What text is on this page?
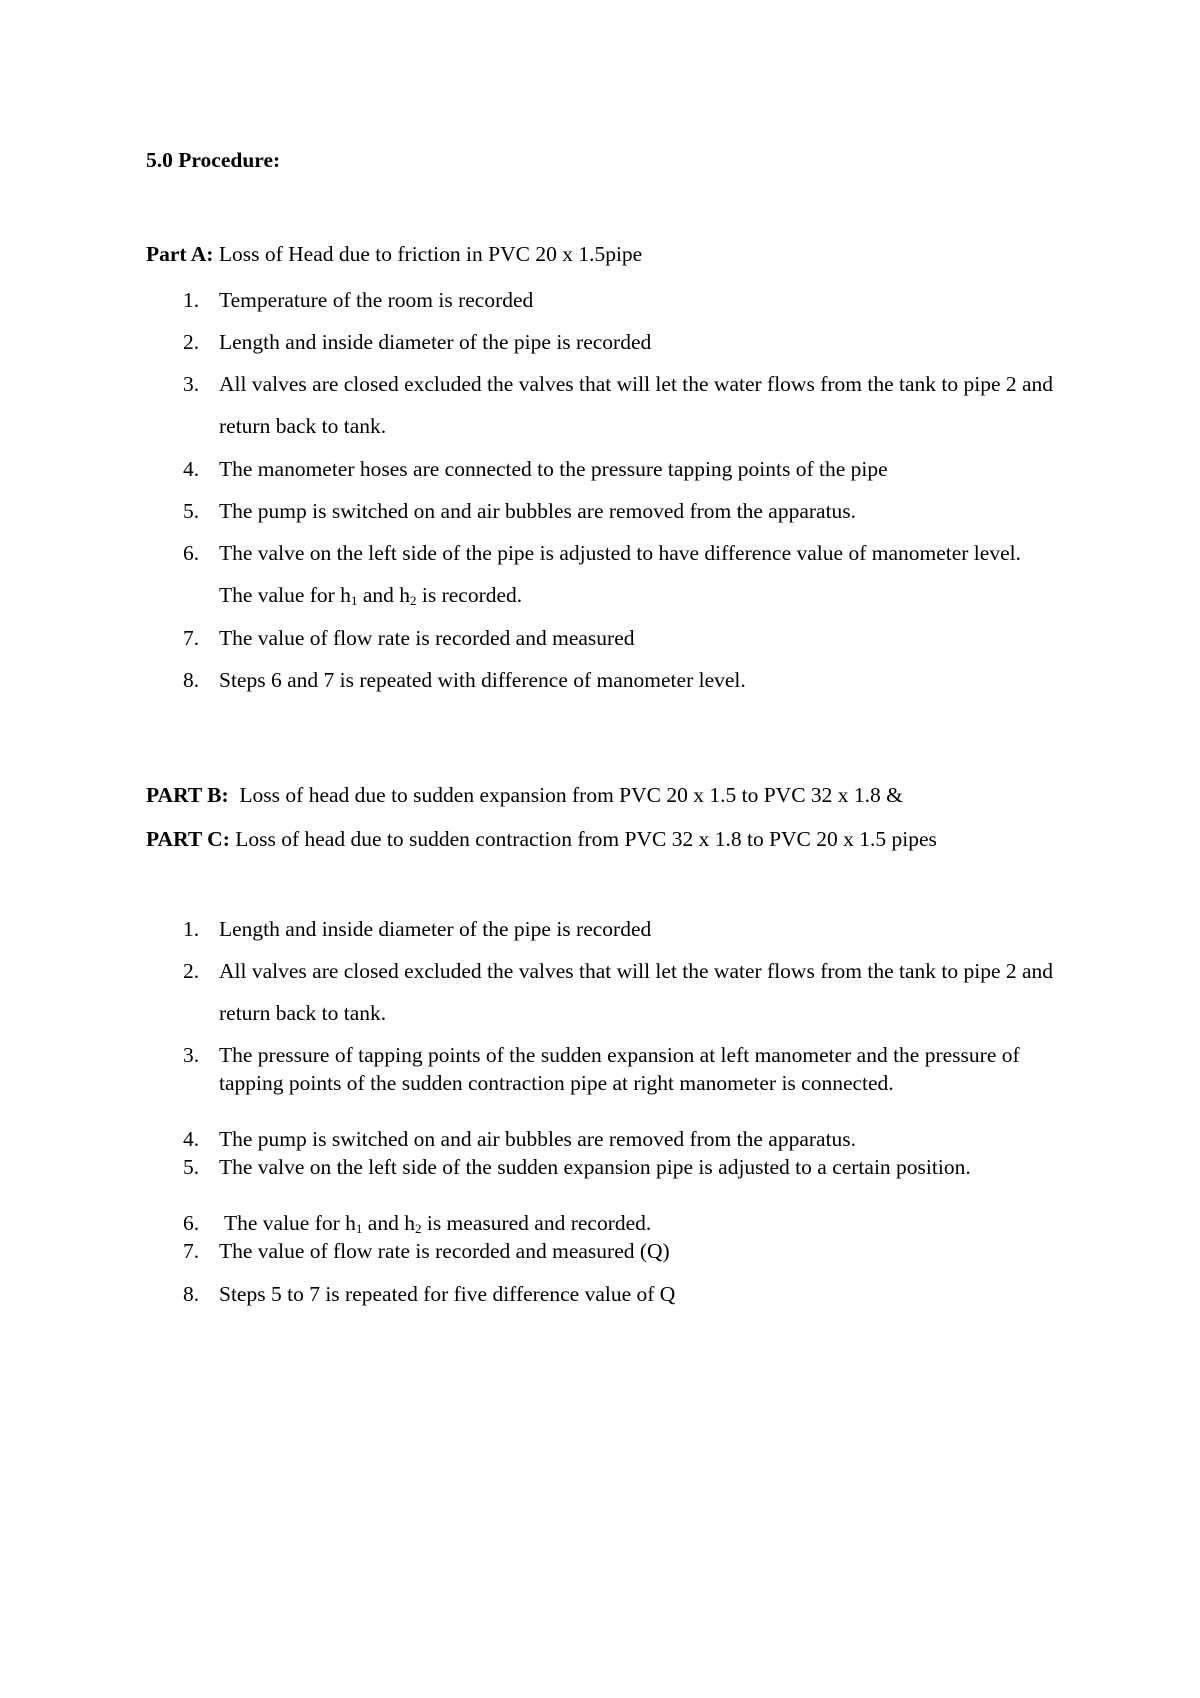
5.0 Procedure:

Part A: Loss of Head due to friction in PVC 20 x 1.5pipe

1. Temperature of the room is recorded
2. Length and inside diameter of the pipe is recorded
3. All valves are closed excluded the valves that will let the water flows from the tank to pipe 2 and return back to tank.
4. The manometer hoses are connected to the pressure tapping points of the pipe
5. The pump is switched on and air bubbles are removed from the apparatus.
6. The valve on the left side of the pipe is adjusted to have difference value of manometer level. The value for $h_1$ and $h_2$ is recorded.
7. The value of flow rate is recorded and measured
8. Steps 6 and 7 is repeated with difference of manometer level.

PART B:  Loss of head due to sudden expansion from PVC 20 x 1.5 to PVC 32 x 1.8 &

PART C: Loss of head due to sudden contraction from PVC 32 x 1.8 to PVC 20 x 1.5 pipes

1. Length and inside diameter of the pipe is recorded
2. All valves are closed excluded the valves that will let the water flows from the tank to pipe 2 and return back to tank.
3. The pressure of tapping points of the sudden expansion at left manometer and the pressure of tapping points of the sudden contraction pipe at right manometer is connected.
4. The pump is switched on and air bubbles are removed from the apparatus.
5. The valve on the left side of the sudden expansion pipe is adjusted to a certain position.
6. The value for $h_1$ and $h_2$ is measured and recorded.
7. The value of flow rate is recorded and measured (Q)
8. Steps 5 to 7 is repeated for five difference value of Q
